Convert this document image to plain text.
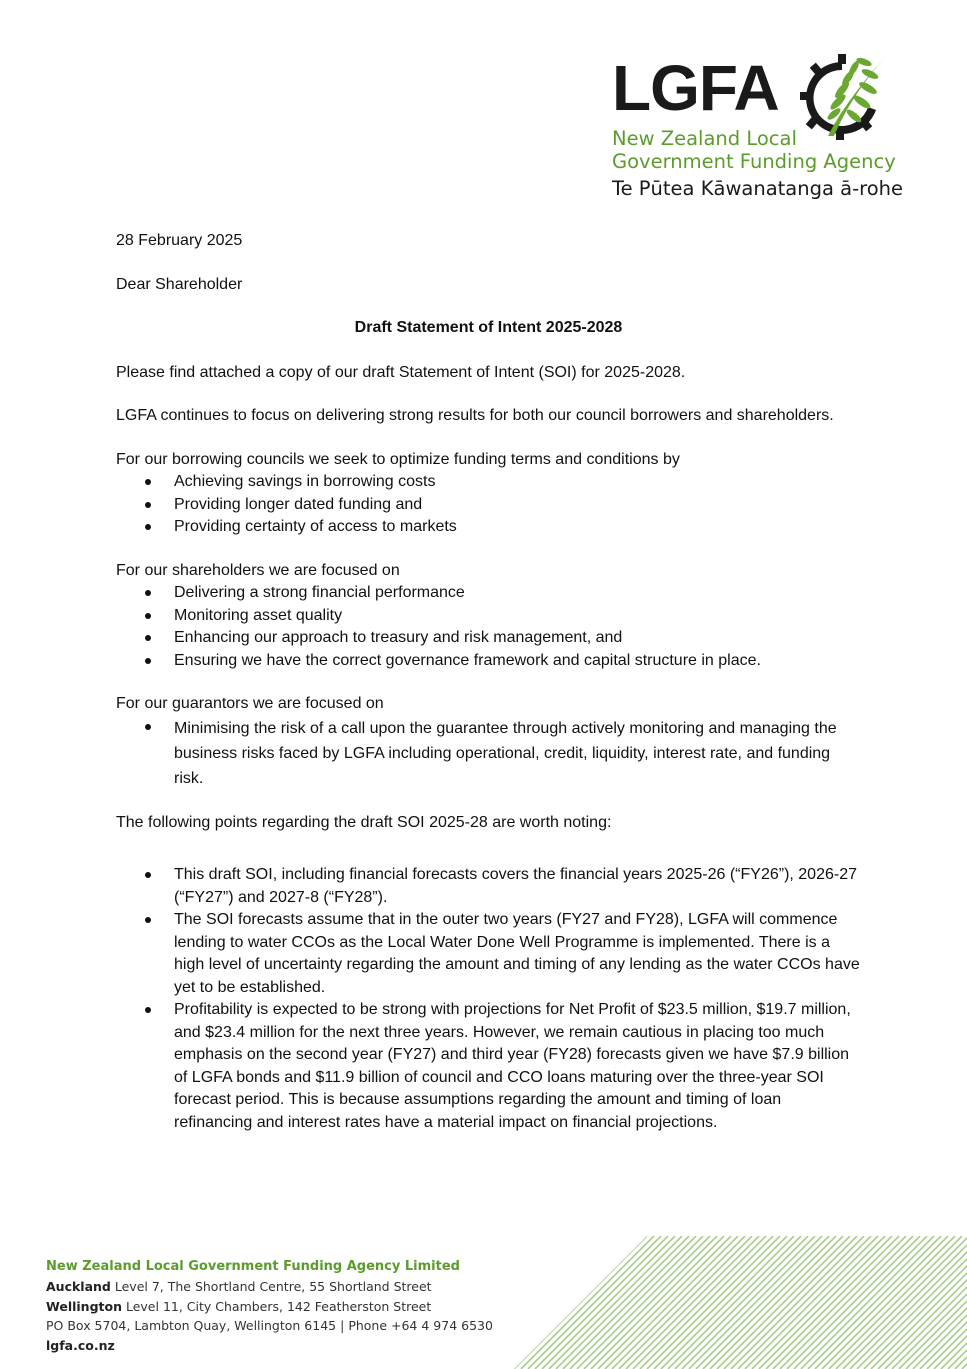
LGFA
New Zealand Local
Government Funding Agency
Te Pūtea Kāwanatanga ā-rohe

28 February 2025

Dear Shareholder

Draft Statement of Intent 2025-2028

Please find attached a copy of our draft Statement of Intent (SOI) for 2025-2028.

LGFA continues to focus on delivering strong results for both our council borrowers and shareholders.

For our borrowing councils we seek to optimize funding terms and conditions by

Achieving savings in borrowing costs
Providing longer dated funding and
Providing certainty of access to markets

For our shareholders we are focused on

Delivering a strong financial performance
Monitoring asset quality
Enhancing our approach to treasury and risk management, and
Ensuring we have the correct governance framework and capital structure in place.

For our guarantors we are focused on

Minimising the risk of a call upon the guarantee through actively monitoring and managing the business risks faced by LGFA including operational, credit, liquidity, interest rate, and funding risk.

The following points regarding the draft SOI 2025-28 are worth noting:

This draft SOI, including financial forecasts covers the financial years 2025-26 (“FY26”), 2026-27 (“FY27”) and 2027-8 (“FY28”).
The SOI forecasts assume that in the outer two years (FY27 and FY28), LGFA will commence lending to water CCOs as the Local Water Done Well Programme is implemented. There is a high level of uncertainty regarding the amount and timing of any lending as the water CCOs have yet to be established.
Profitability is expected to be strong with projections for Net Profit of $23.5 million, $19.7 million, and $23.4 million for the next three years. However, we remain cautious in placing too much emphasis on the second year (FY27) and third year (FY28) forecasts given we have $7.9 billion of LGFA bonds and $11.9 billion of council and CCO loans maturing over the three-year SOI forecast period. This is because assumptions regarding the amount and timing of loan refinancing and interest rates have a material impact on financial projections.
New Zealand Local Government Funding Agency Limited
Auckland Level 7, The Shortland Centre, 55 Shortland Street
Wellington Level 11, City Chambers, 142 Featherston Street
PO Box 5704, Lambton Quay, Wellington 6145 | Phone +64 4 974 6530
lgfa.co.nz
